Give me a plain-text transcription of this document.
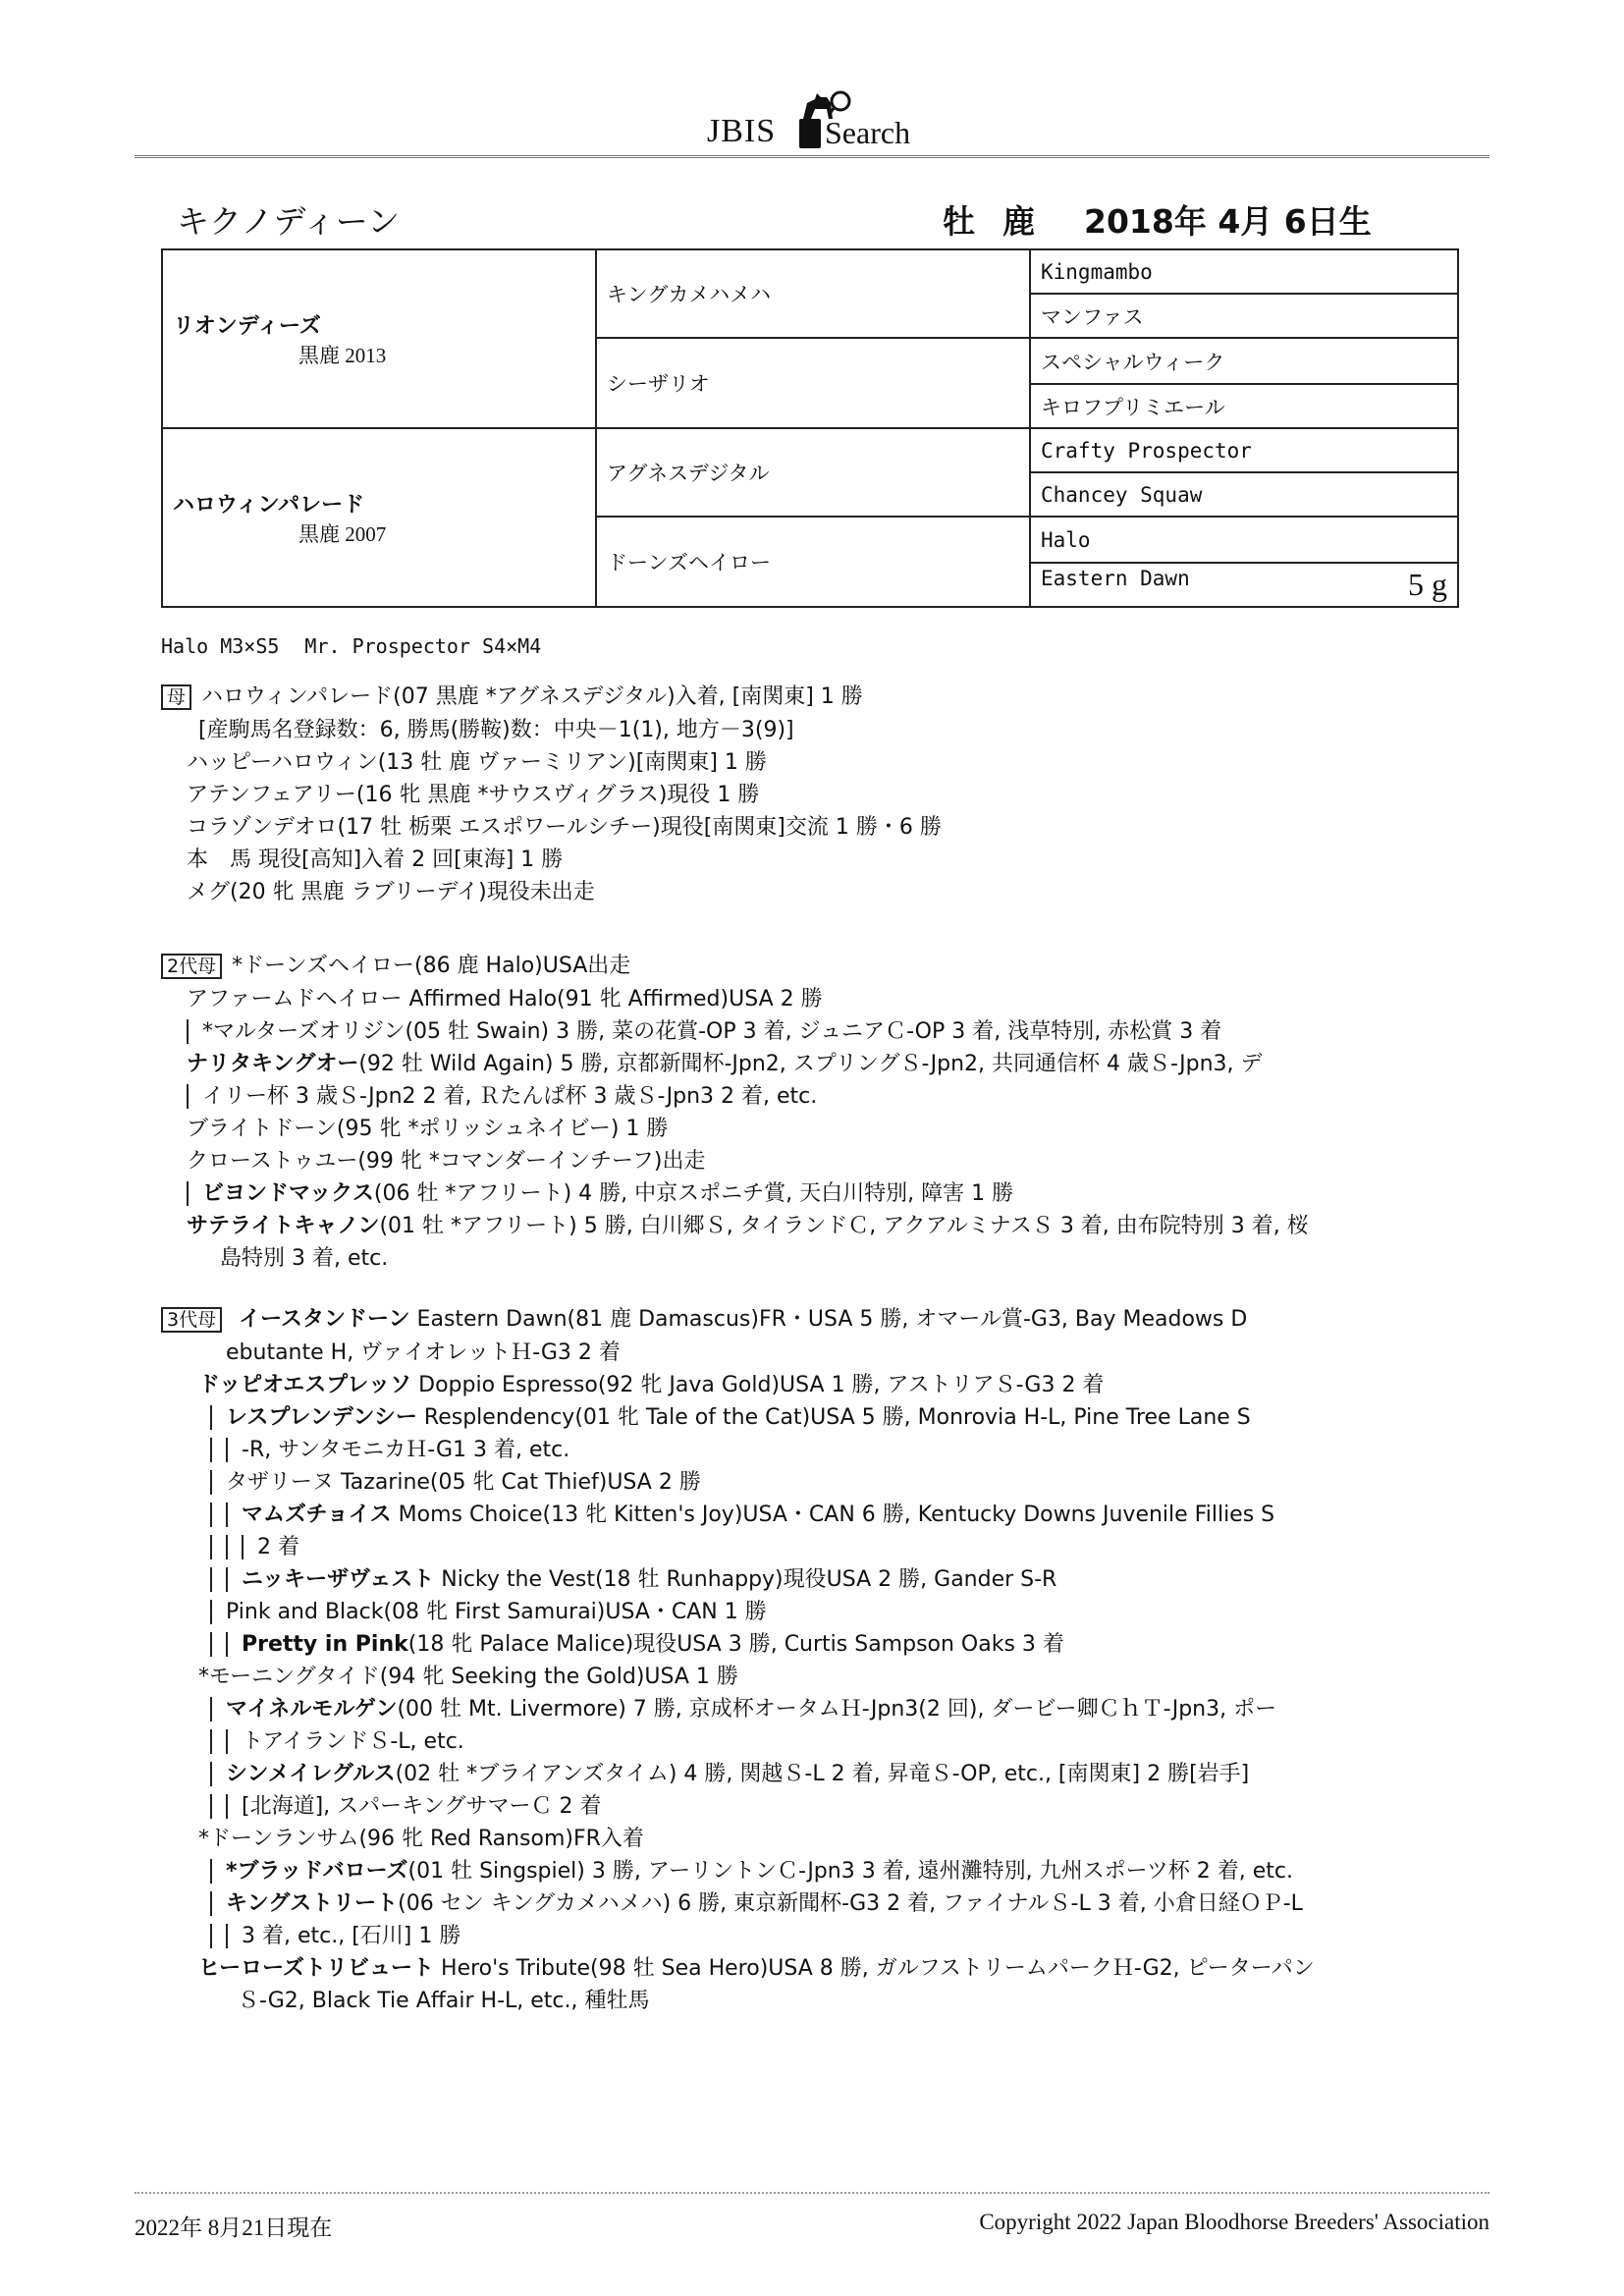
JBIS Search
キクノディーン	牡 鹿 2018年 4月 6日生
リオンディーズ
黒鹿 2013	キングカメハメハ	Kingmambo
		マンファス
	シーザリオ	スペシャルウィーク
		キロフプリミエール

ハロウィンパレード
黒鹿 2007	アグネスデジタル	Crafty Prospector
		Chancey Squaw
	ドーンズヘイロー	Halo
		Eastern Dawn 5 g
Halo M3×S5 Mr. Prospector S4×M4
母 ハロウィンパレード(07 黒鹿 *アグネスデジタル)入着, [南関東] 1 勝
[産駒馬名登録数：6, 勝馬(勝鞍)数：中央－1(1), 地方－3(9)]
ハッピーハロウィン(13 牡 鹿 ヴァーミリアン)[南関東] 1 勝
アテンフェアリー(16 牝 黒鹿 *サウスヴィグラス)現役 1 勝
コラゾンデオロ(17 牡 栃栗 エスポワールシチー)現役[南関東]交流 1 勝・6 勝
本　馬 現役[高知]入着 2 回[東海] 1 勝
メグ(20 牝 黒鹿 ラブリーデイ)現役未出走
2代母 *ドーンズヘイロー(86 鹿 Halo)USA出走
アファームドヘイロー Affirmed Halo(91 牝 Affirmed)USA 2 勝
*マルターズオリジン(05 牡 Swain) 3 勝, 菜の花賞-OP 3 着, ジュニアＣ-OP 3 着, 浅草特別, 赤松賞 3 着
ナリタキングオー(92 牡 Wild Again) 5 勝, 京都新聞杯-Jpn2, スプリングＳ-Jpn2, 共同通信杯 4 歳Ｓ-Jpn3, デ
イリー杯 3 歳Ｓ-Jpn2 2 着, Ｒたんぱ杯 3 歳Ｓ-Jpn3 2 着, etc.
ブライトドーン(95 牝 *ポリッシュネイビー) 1 勝
クローストゥユー(99 牝 *コマンダーインチーフ)出走
ビヨンドマックス(06 牡 *アフリート) 4 勝, 中京スポニチ賞, 天白川特別, 障害 1 勝
サテライトキャノン(01 牡 *アフリート) 5 勝, 白川郷Ｓ, タイランドＣ, アクアルミナスＳ 3 着, 由布院特別 3 着, 桜
島特別 3 着, etc.
3代母 イースタンドーン Eastern Dawn(81 鹿 Damascus)FR・USA 5 勝, オマール賞-G3, Bay Meadows D
ebutante H, ヴァイオレットＨ-G3 2 着
ドッピオエスプレッソ Doppio Espresso(92 牝 Java Gold)USA 1 勝, アストリアＳ-G3 2 着
レスプレンデンシー Resplendency(01 牝 Tale of the Cat)USA 5 勝, Monrovia H-L, Pine Tree Lane S
-R, サンタモニカＨ-G1 3 着, etc.
タザリーヌ Tazarine(05 牝 Cat Thief)USA 2 勝
マムズチョイス Moms Choice(13 牝 Kitten's Joy)USA・CAN 6 勝, Kentucky Downs Juvenile Fillies S
2 着
ニッキーザヴェスト Nicky the Vest(18 牡 Runhappy)現役USA 2 勝, Gander S-R
Pink and Black(08 牝 First Samurai)USA・CAN 1 勝
Pretty in Pink(18 牝 Palace Malice)現役USA 3 勝, Curtis Sampson Oaks 3 着
*モーニングタイド(94 牝 Seeking the Gold)USA 1 勝
マイネルモルゲン(00 牡 Mt. Livermore) 7 勝, 京成杯オータムＨ-Jpn3(2 回), ダービー卿ＣｈＴ-Jpn3, ポー
トアイランドＳ-L, etc.
シンメイレグルス(02 牡 *ブライアンズタイム) 4 勝, 関越Ｓ-L 2 着, 昇竜Ｓ-OP, etc., [南関東] 2 勝[岩手]
[北海道], スパーキングサマーＣ 2 着
*ドーンランサム(96 牝 Red Ransom)FR入着
*ブラッドバローズ(01 牡 Singspiel) 3 勝, アーリントンＣ-Jpn3 3 着, 遠州灘特別, 九州スポーツ杯 2 着, etc.
キングストリート(06 セン キングカメハメハ) 6 勝, 東京新聞杯-G3 2 着, ファイナルＳ-L 3 着, 小倉日経ＯＰ-L
3 着, etc., [石川] 1 勝
ヒーローズトリビュート Hero's Tribute(98 牡 Sea Hero)USA 8 勝, ガルフストリームパークＨ-G2, ピーターパン
Ｓ-G2, Black Tie Affair H-L, etc., 種牡馬
2022年 8月21日現在	Copyright 2022 Japan Bloodhorse Breeders' Association
